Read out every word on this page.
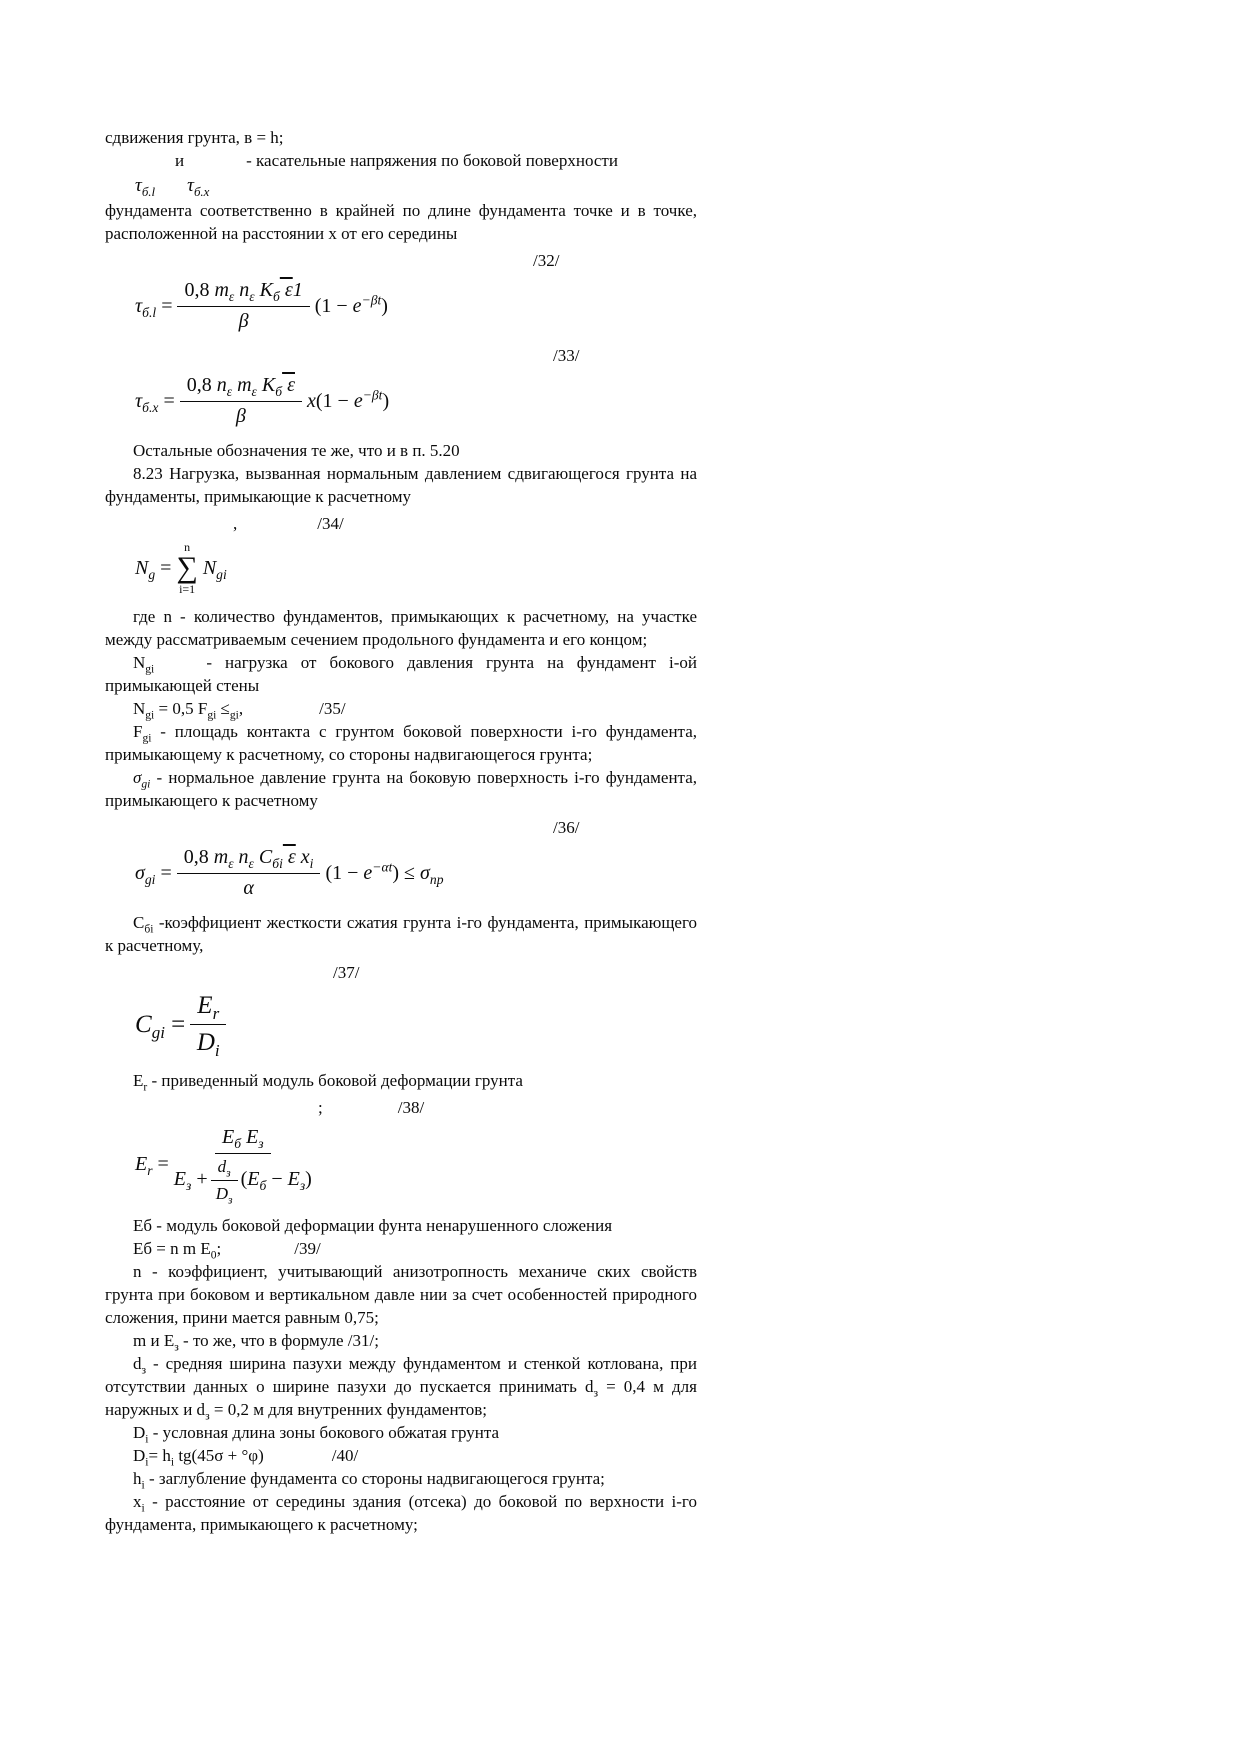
сдвижения грунта, в = h;

и	- касательные напряжения по боковой поверхности
$\tau_{б.l}$ $\tau_{б.x}$

фундамента соответственно в крайней по длине фундамента точке и в точке, расположенной на расстоянии x от его середины

/32/
$\tau_{б.l} = \frac{0,8 m_\varepsilon n_\varepsilon K_б \varepsilon 1}{\beta} (1 - e^{-\beta t})$
/33/
$\tau_{б.x} = \frac{0,8 n_\varepsilon m_\varepsilon K_б \varepsilon}{\beta} x(1 - e^{-\beta t})$

Остальные обозначения те же, что и в п. 5.20

8.23 Нагрузка, вызванная нормальным давлением сдвигающегося грунта на фундаменты, примыкающие к расчетному

,	/34/
$N_g$ =
n
∑
i=1
$N_{gi}$

где n - количество фундаментов, примыкающих к расчетному, на участке между рассматриваемым сечением продольного фундамента и его концом;

$N_{gi}$    - нагрузка от бокового давления грунта на фундамент i-ой примыкающей стены

$N_{gi} = 0,5$ $F_{gi} \le_{gi}$,	/35/

$F_{gi}$ - площадь контакта с грунтом боковой поверхности i-го фундамента, примыкающему к расчетному, со стороны надвигающегося грунта;

$\sigma_{gi}$ - нормальное давление грунта на боковую поверхность i-го фундамента, примыкающего к расчетному

/36/
$\sigma_{gi} = \frac{0,8 m_\varepsilon n_\varepsilon C_{бi} \varepsilon x_i}{\alpha} (1 - e^{-\alpha t}) \le \sigma_{пр}$

$С_{бi}$ -коэффициент жесткости сжатия грунта i-го фундамента, примыкающего к расчетному,

/37/
$C_{gi} = \frac{E_r}{D_i}$

$E_r$ - приведенный модуль боковой деформации грунта

;	/38/
$E_r$ =
$E_б$ $E_з$
$E_з + \frac{d_з}{D_з} (E_б - E_з)$

Еб - модуль боковой деформации фунта ненарушенного сложения

Еб = n m $E_0$;	/39/

n - коэффициент, учитывающий анизотропность механиче ских свойств грунта при боковом и вертикальном давле нии за счет особенностей природного сложения, прини мается равным 0,75;

m и $E_з$ - то же, что в формуле /31/;

$d_з$ - средняя ширина пазухи между фундаментом и стенкой котлована, при отсутствии данных о ширине пазухи до пускается принимать $d_з = 0,4$ м для наружных и $d_з = 0,2$ м для внутренних фундаментов;

$D_i$ - условная длина зоны бокового обжатая грунта

$D_i= h_i$ tg(45σ + °φ)	/40/

$h_i$ - заглубление фундамента со стороны надвигающегося грунта;

$x_i$ - расстояние от середины здания (отсека) до боковой по верхности i-го фундамента, примыкающего к расчетному;
